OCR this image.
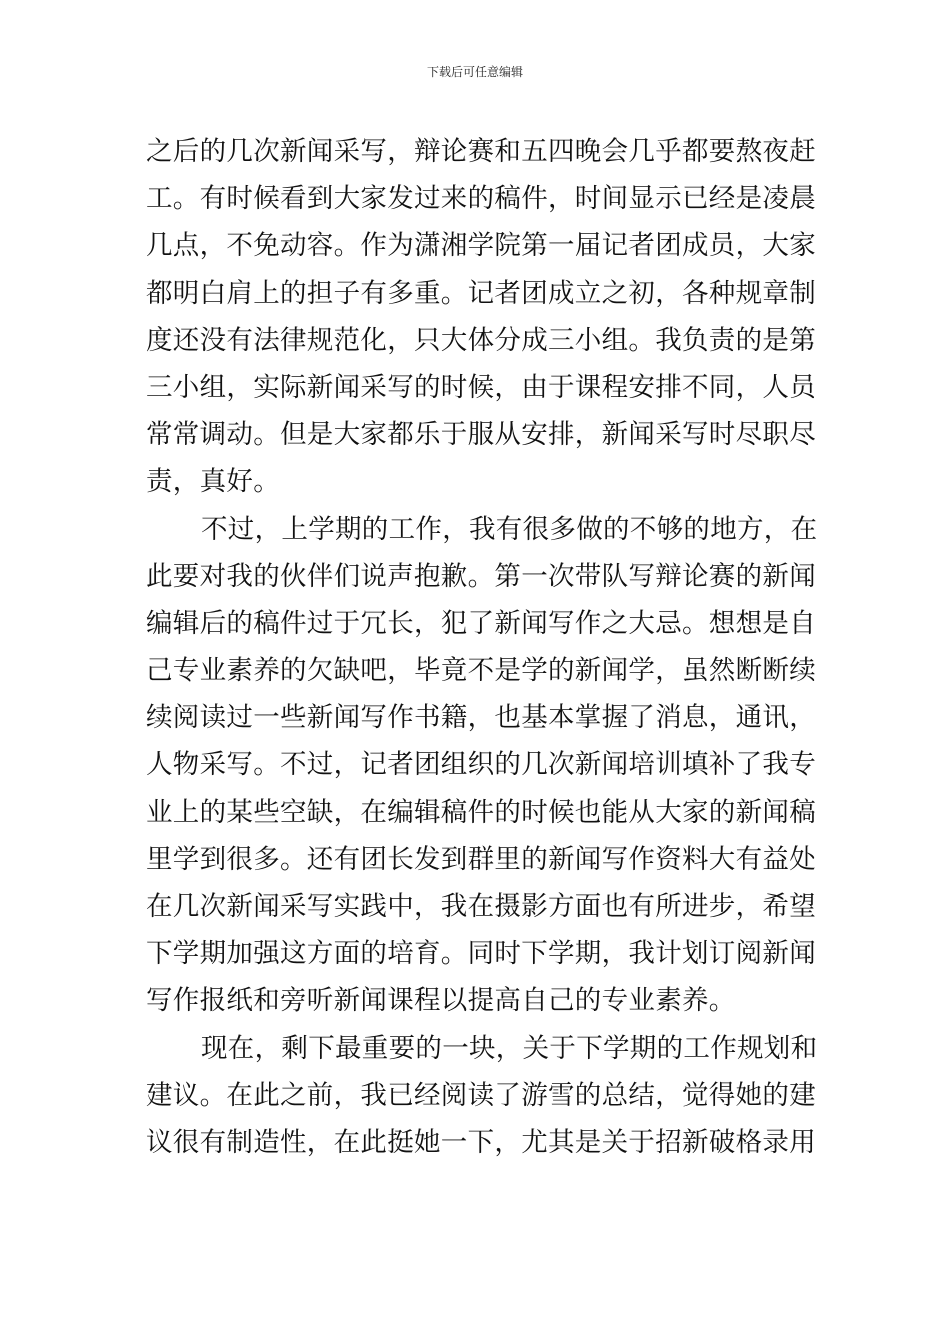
下载后可任意编辑
之后的几次新闻采写，辩论赛和五四晚会几乎都要熬夜赶
工。有时候看到大家发过来的稿件，时间显示已经是凌晨
几点，不免动容。作为潇湘学院第一届记者团成员，大家
都明白肩上的担子有多重。记者团成立之初，各种规章制
度还没有法律规范化，只大体分成三小组。我负责的是第
三小组，实际新闻采写的时候，由于课程安排不同，人员
常常调动。但是大家都乐于服从安排，新闻采写时尽职尽
责，真好。
不过，上学期的工作，我有很多做的不够的地方，在
此要对我的伙伴们说声抱歉。第一次带队写辩论赛的新闻
编辑后的稿件过于冗长，犯了新闻写作之大忌。想想是自
己专业素养的欠缺吧，毕竟不是学的新闻学，虽然断断续
续阅读过一些新闻写作书籍，也基本掌握了消息，通讯，
人物采写。不过，记者团组织的几次新闻培训填补了我专
业上的某些空缺，在编辑稿件的时候也能从大家的新闻稿
里学到很多。还有团长发到群里的新闻写作资料大有益处
在几次新闻采写实践中，我在摄影方面也有所进步，希望
下学期加强这方面的培育。同时下学期，我计划订阅新闻
写作报纸和旁听新闻课程以提高自己的专业素养。
现在，剩下最重要的一块，关于下学期的工作规划和
建议。在此之前，我已经阅读了游雪的总结，觉得她的建
议很有制造性，在此挺她一下，尤其是关于招新破格录用
